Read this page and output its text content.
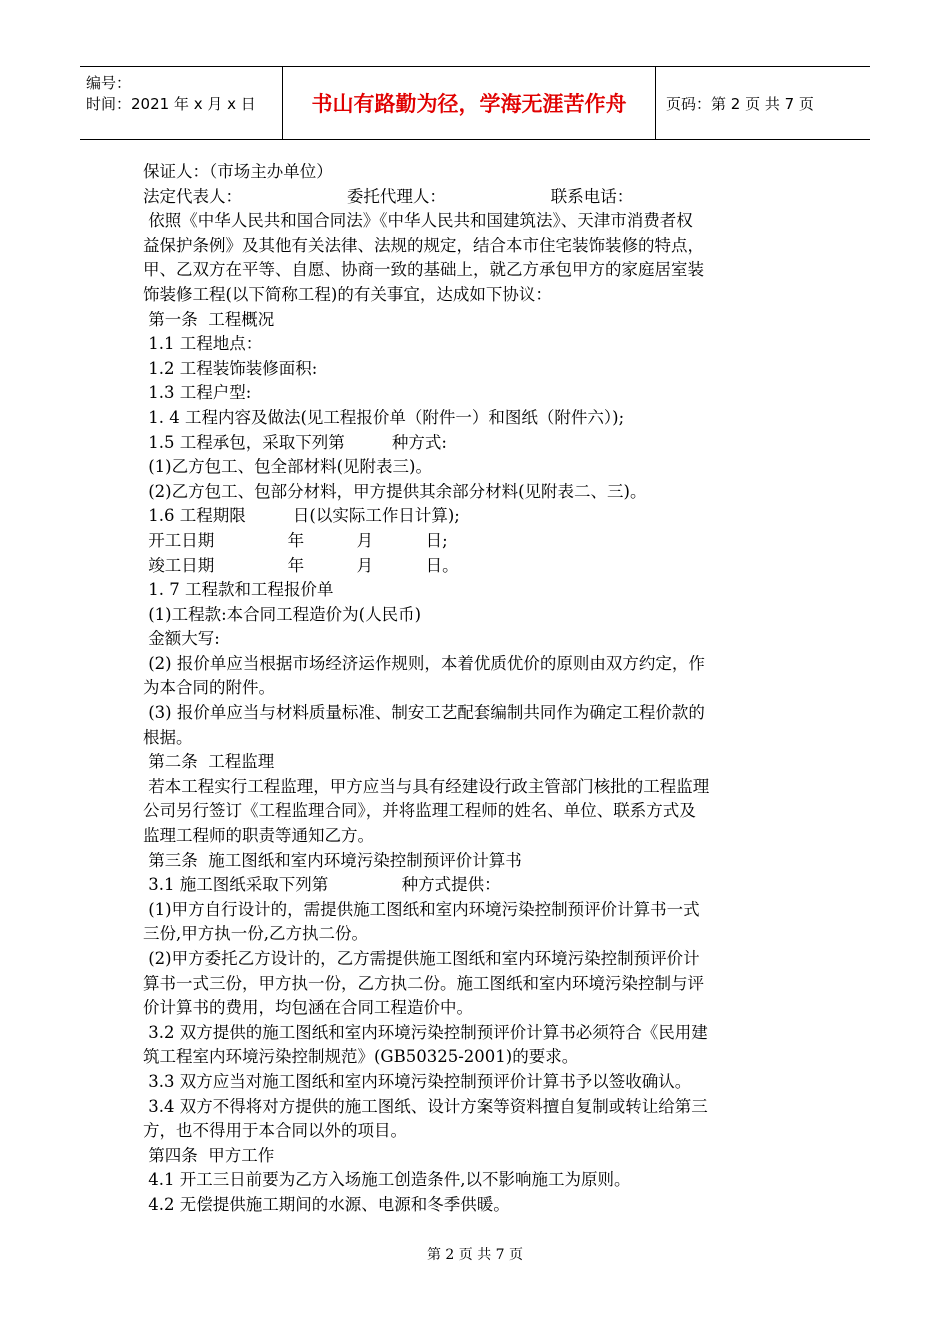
编号：
时间：2021 年 x 月 x 日	书山有路勤为径，学海无涯苦作舟	页码：第 2 页 共 7 页
保证人：（市场主办单位）
法定代表人：                    委托代理人：                    联系电话：
依照《中华人民共和国合同法》《中华人民共和国建筑法》、天津市消费者权
益保护条例》及其他有关法律、法规的规定，结合本市住宅装饰装修的特点，
甲、乙双方在平等、自愿、协商一致的基础上，就乙方承包甲方的家庭居室装
饰装修工程(以下简称工程)的有关事宜，达成如下协议：
第一条  工程概况
1.1 工程地点：
1.2 工程装饰装修面积:
1.3 工程户型:
1. 4 工程内容及做法(见工程报价单（附件一）和图纸（附件六）);
1.5 工程承包，采取下列第         种方式:
(1)乙方包工、包全部材料(见附表三)。
(2)乙方包工、包部分材料，甲方提供其余部分材料(见附表二、三)。
1.6 工程期限         日(以实际工作日计算);
开工日期              年          月          日;
竣工日期              年          月          日。
1. 7 工程款和工程报价单
(1)工程款:本合同工程造价为(人民币)
金额大写:
(2) 报价单应当根据市场经济运作规则，本着优质优价的原则由双方约定，作
为本合同的附件。
(3) 报价单应当与材料质量标准、制安工艺配套编制共同作为确定工程价款的
根据。
第二条  工程监理
若本工程实行工程监理，甲方应当与具有经建设行政主管部门核批的工程监理
公司另行签订《工程监理合同》，并将监理工程师的姓名、单位、联系方式及
监理工程师的职责等通知乙方。
第三条  施工图纸和室内环境污染控制预评价计算书
3.1 施工图纸采取下列第              种方式提供：
(1)甲方自行设计的，需提供施工图纸和室内环境污染控制预评价计算书一式
三份,甲方执一份,乙方执二份。
(2)甲方委托乙方设计的，乙方需提供施工图纸和室内环境污染控制预评价计
算书一式三份，甲方执一份，乙方执二份。施工图纸和室内环境污染控制与评
价计算书的费用，均包涵在合同工程造价中。
3.2 双方提供的施工图纸和室内环境污染控制预评价计算书必须符合《民用建
筑工程室内环境污染控制规范》(GB50325-2001)的要求。
3.3 双方应当对施工图纸和室内环境污染控制预评价计算书予以签收确认。
3.4 双方不得将对方提供的施工图纸、设计方案等资料擅自复制或转让给第三
方，也不得用于本合同以外的项目。
第四条  甲方工作
4.1 开工三日前要为乙方入场施工创造条件,以不影响施工为原则。
4.2 无偿提供施工期间的水源、电源和冬季供暖。
第 2 页 共 7 页
